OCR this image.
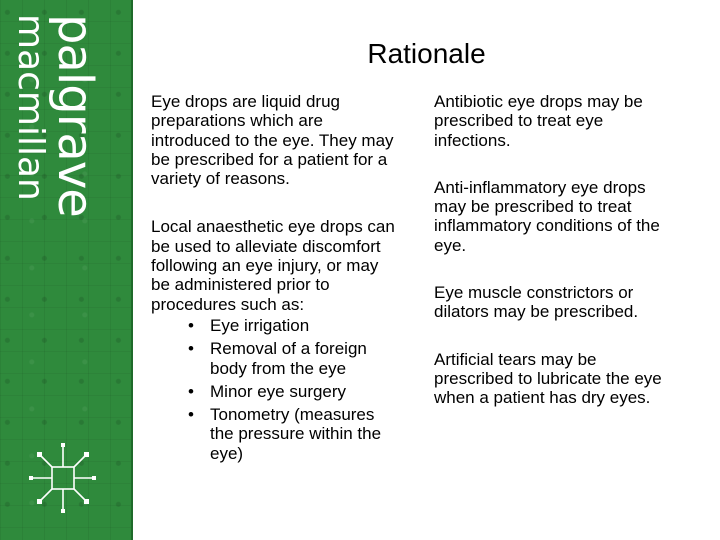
palgrave
macmillan	Rationale

Eye drops are liquid drug preparations which are introduced to the eye. They may be prescribed for a patient for a variety of reasons.

Local anaesthetic eye drops can be used to alleviate discomfort following an eye injury, or may be administered prior to procedures such as:

• Eye irrigation
• Removal of a foreign body from the eye
• Minor eye surgery
• Tonometry (measures the pressure within the eye)

Antibiotic eye drops may be prescribed to treat eye infections.

Anti-inflammatory eye drops may be prescribed to treat inflammatory conditions of the eye.

Eye muscle constrictors or dilators may be prescribed.

Artificial tears may be prescribed to lubricate the eye when a patient has dry eyes.
